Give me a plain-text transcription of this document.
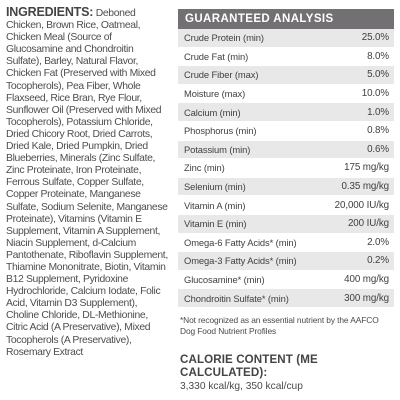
INGREDIENTS: Deboned Chicken, Brown Rice, Oatmeal, Chicken Meal (Source of Glucosamine and Chondroitin Sulfate), Barley, Natural Flavor, Chicken Fat (Preserved with Mixed Tocopherols), Pea Fiber, Whole Flaxseed, Rice Bran, Rye Flour, Sunflower Oil (Preserved with Mixed Tocopherols), Potassium Chloride, Dried Chicory Root, Dried Carrots, Dried Kale, Dried Pumpkin, Dried Blueberries, Minerals (Zinc Sulfate, Zinc Proteinate, Iron Proteinate, Ferrous Sulfate, Copper Sulfate, Copper Proteinate, Manganese Sulfate, Sodium Selenite, Manganese Proteinate), Vitamins (Vitamin E Supplement, Vitamin A Supplement, Niacin Supplement, d-Calcium Pantothenate, Riboflavin Supplement, Thiamine Mononitrate, Biotin, Vitamin B12 Supplement, Pyridoxine Hydrochloride, Calcium Iodate, Folic Acid, Vitamin D3 Supplement), Choline Chloride, DL-Methionine, Citric Acid (A Preservative), Mixed Tocopherols (A Preservative), Rosemary Extract
GUARANTEED ANALYSIS
Crude Protein (min)	25.0%
Crude Fat (min)	8.0%
Crude Fiber (max)	5.0%
Moisture (max)	10.0%
Calcium (min)	1.0%
Phosphorus (min)	0.8%
Potassium (min)	0.6%
Zinc (min)	175 mg/kg
Selenium (min)	0.35 mg/kg
Vitamin A (min)	20,000 IU/kg
Vitamin E (min)	200 IU/kg
Omega-6 Fatty Acids* (min)	2.0%
Omega-3 Fatty Acids* (min)	0.2%
Glucosamine* (min)	400 mg/kg
Chondroitin Sulfate* (min)	300 mg/kg
*Not recognized as an essential nutrient by the AAFCO Dog Food Nutrient Profiles
CALORIE CONTENT (ME CALCULATED):
3,330 kcal/kg, 350 kcal/cup
